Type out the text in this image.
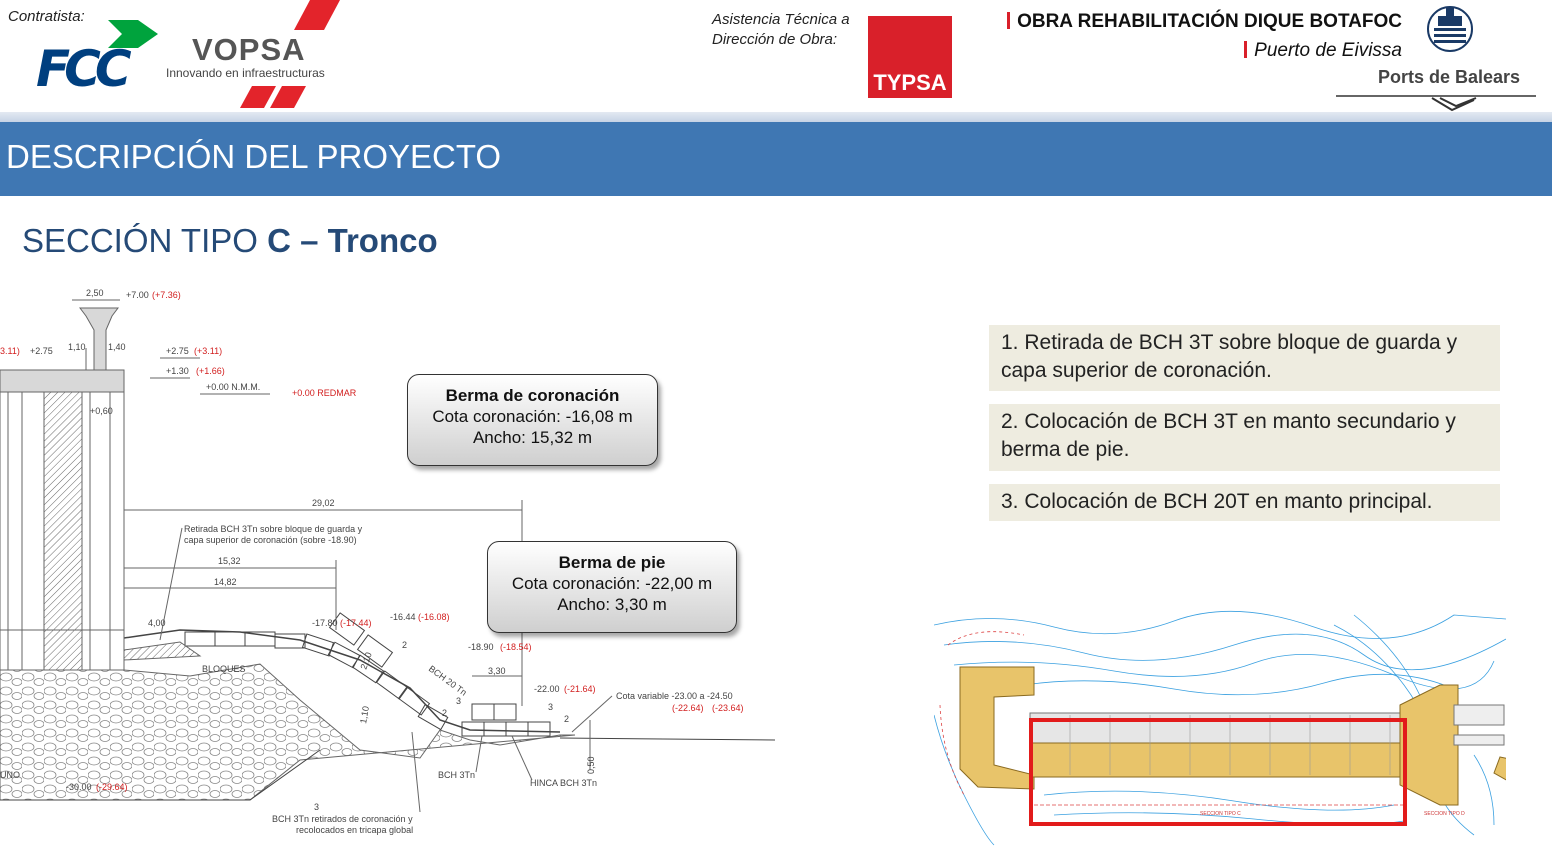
Contratista:
FCC VOPSA
Innovando en infraestructuras
Asistencia Técnica a
Dirección de Obra:
TYPSA
OBRA REHABILITACIÓN DIQUE BOTAFOC
Puerto de Eivissa
Ports de Balears
DESCRIPCIÓN DEL PROYECTO
SECCIÓN TIPO C – Tronco
2,50 +7.00 (+7.36)
3.11) +2.75 1,10 1,40	+2.75 (+3.11)
+1.30 (+1.66)
+0.00 N.M.M.
+0,60
+0.00 REDMAR
29,02
Retirada BCH 3Tn sobre bloque de guarda y
capa superior de coronación (sobre -18.90)
15,32
14,82
4,00	-17.80 (-17.44)
-16.44 (-16.08)
2
2,10
BCH 20 Tn
BLOQUES
-18.90 (-18.54)
3,30
-22.00 (-21.64)
Cota variable -23.00 a -24.50
(-22.64) (-23.64)
1,10
3
2
3
2
BCH 3Tn
HINCA BCH 3Tn
0,50
-30.00 (-29.64)
UNO
3
BCH 3Tn retirados de coronación y
recolocados en tricapa global
Berma de coronación
Cota coronación: -16,08 m
Ancho: 15,32 m
Berma de pie
Cota coronación: -22,00 m
Ancho: 3,30 m
1. Retirada de BCH 3T sobre bloque de guarda y capa superior de coronación.
2. Colocación de BCH 3T en manto secundario y berma de pie.
3. Colocación de BCH 20T en manto principal.
SECCION TIPO C	SECCION TIPO D
